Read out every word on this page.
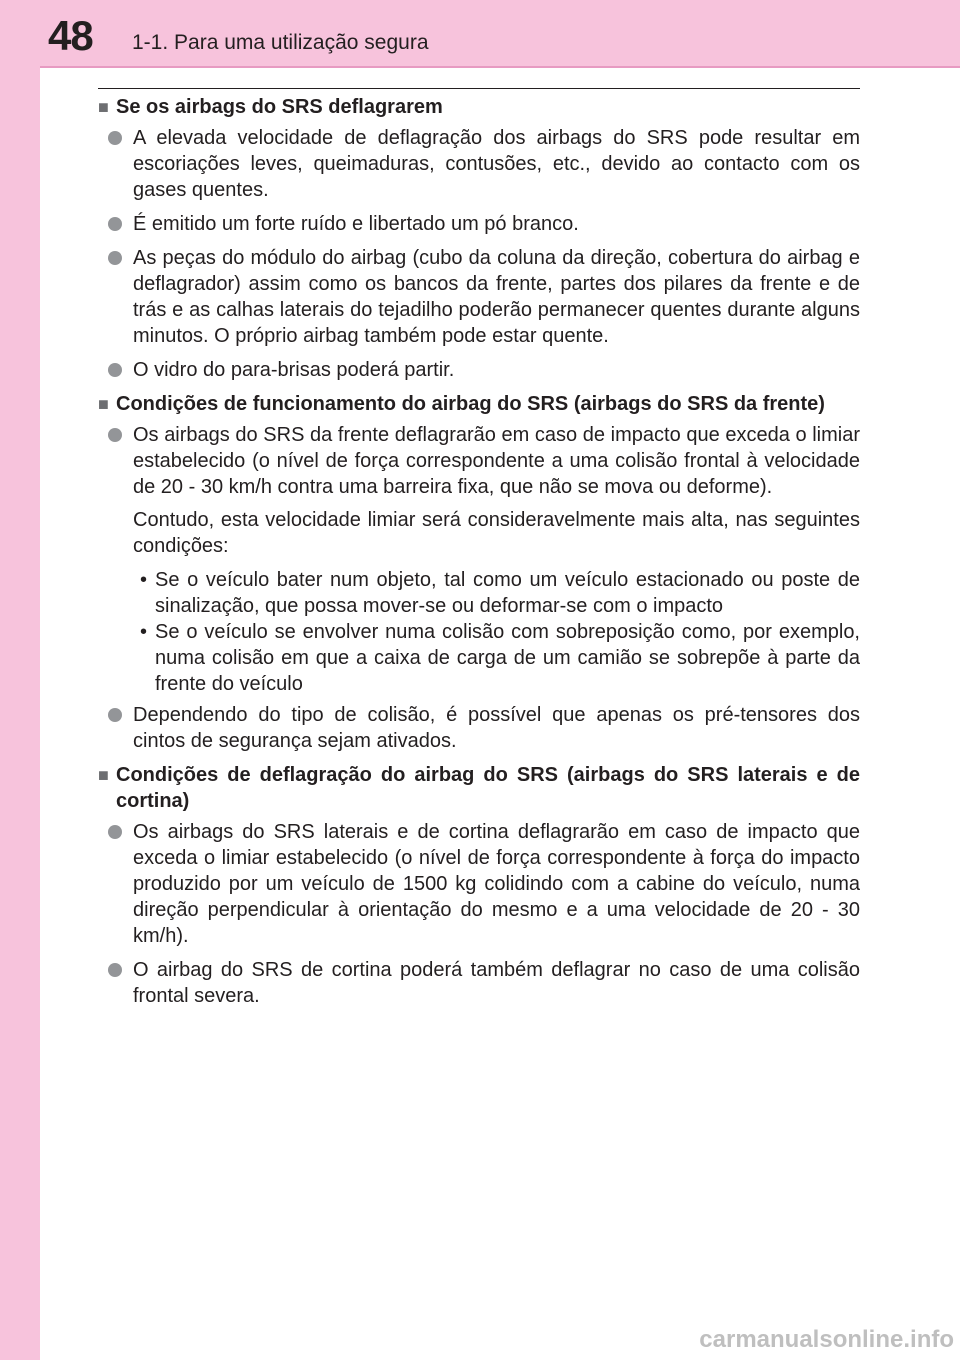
48 1-1. Para uma utilização segura
■ Se os airbags do SRS deflagrarem
A elevada velocidade de deflagração dos airbags do SRS pode resultar em escoriações leves, queimaduras, contusões, etc., devido ao contacto com os gases quentes.
É emitido um forte ruído e libertado um pó branco.
As peças do módulo do airbag (cubo da coluna da direção, cobertura do airbag e deflagrador) assim como os bancos da frente, partes dos pilares da frente e de trás e as calhas laterais do tejadilho poderão permanecer quentes durante alguns minutos. O próprio airbag também pode estar quente.
O vidro do para-brisas poderá partir.
■ Condições de funcionamento do airbag do SRS (airbags do SRS da frente)
Os airbags do SRS da frente deflagrarão em caso de impacto que exceda o limiar estabelecido (o nível de força correspondente a uma colisão frontal à velocidade de 20 - 30 km/h contra uma barreira fixa, que não se mova ou deforme).
Contudo, esta velocidade limiar será consideravelmente mais alta, nas seguintes condições:
• Se o veículo bater num objeto, tal como um veículo estacionado ou poste de sinalização, que possa mover-se ou deformar-se com o impacto
• Se o veículo se envolver numa colisão com sobreposição como, por exemplo, numa colisão em que a caixa de carga de um camião se sobrepõe à parte da frente do veículo
Dependendo do tipo de colisão, é possível que apenas os pré-tensores dos cintos de segurança sejam ativados.
■ Condições de deflagração do airbag do SRS (airbags do SRS laterais e de cortina)
Os airbags do SRS laterais e de cortina deflagrarão em caso de impacto que exceda o limiar estabelecido (o nível de força correspondente à força do impacto produzido por um veículo de 1500 kg colidindo com a cabine do veículo, numa direção perpendicular à orientação do mesmo e a uma velocidade de 20 - 30 km/h).
O airbag do SRS de cortina poderá também deflagrar no caso de uma colisão frontal severa.
carmanualsonline.info
